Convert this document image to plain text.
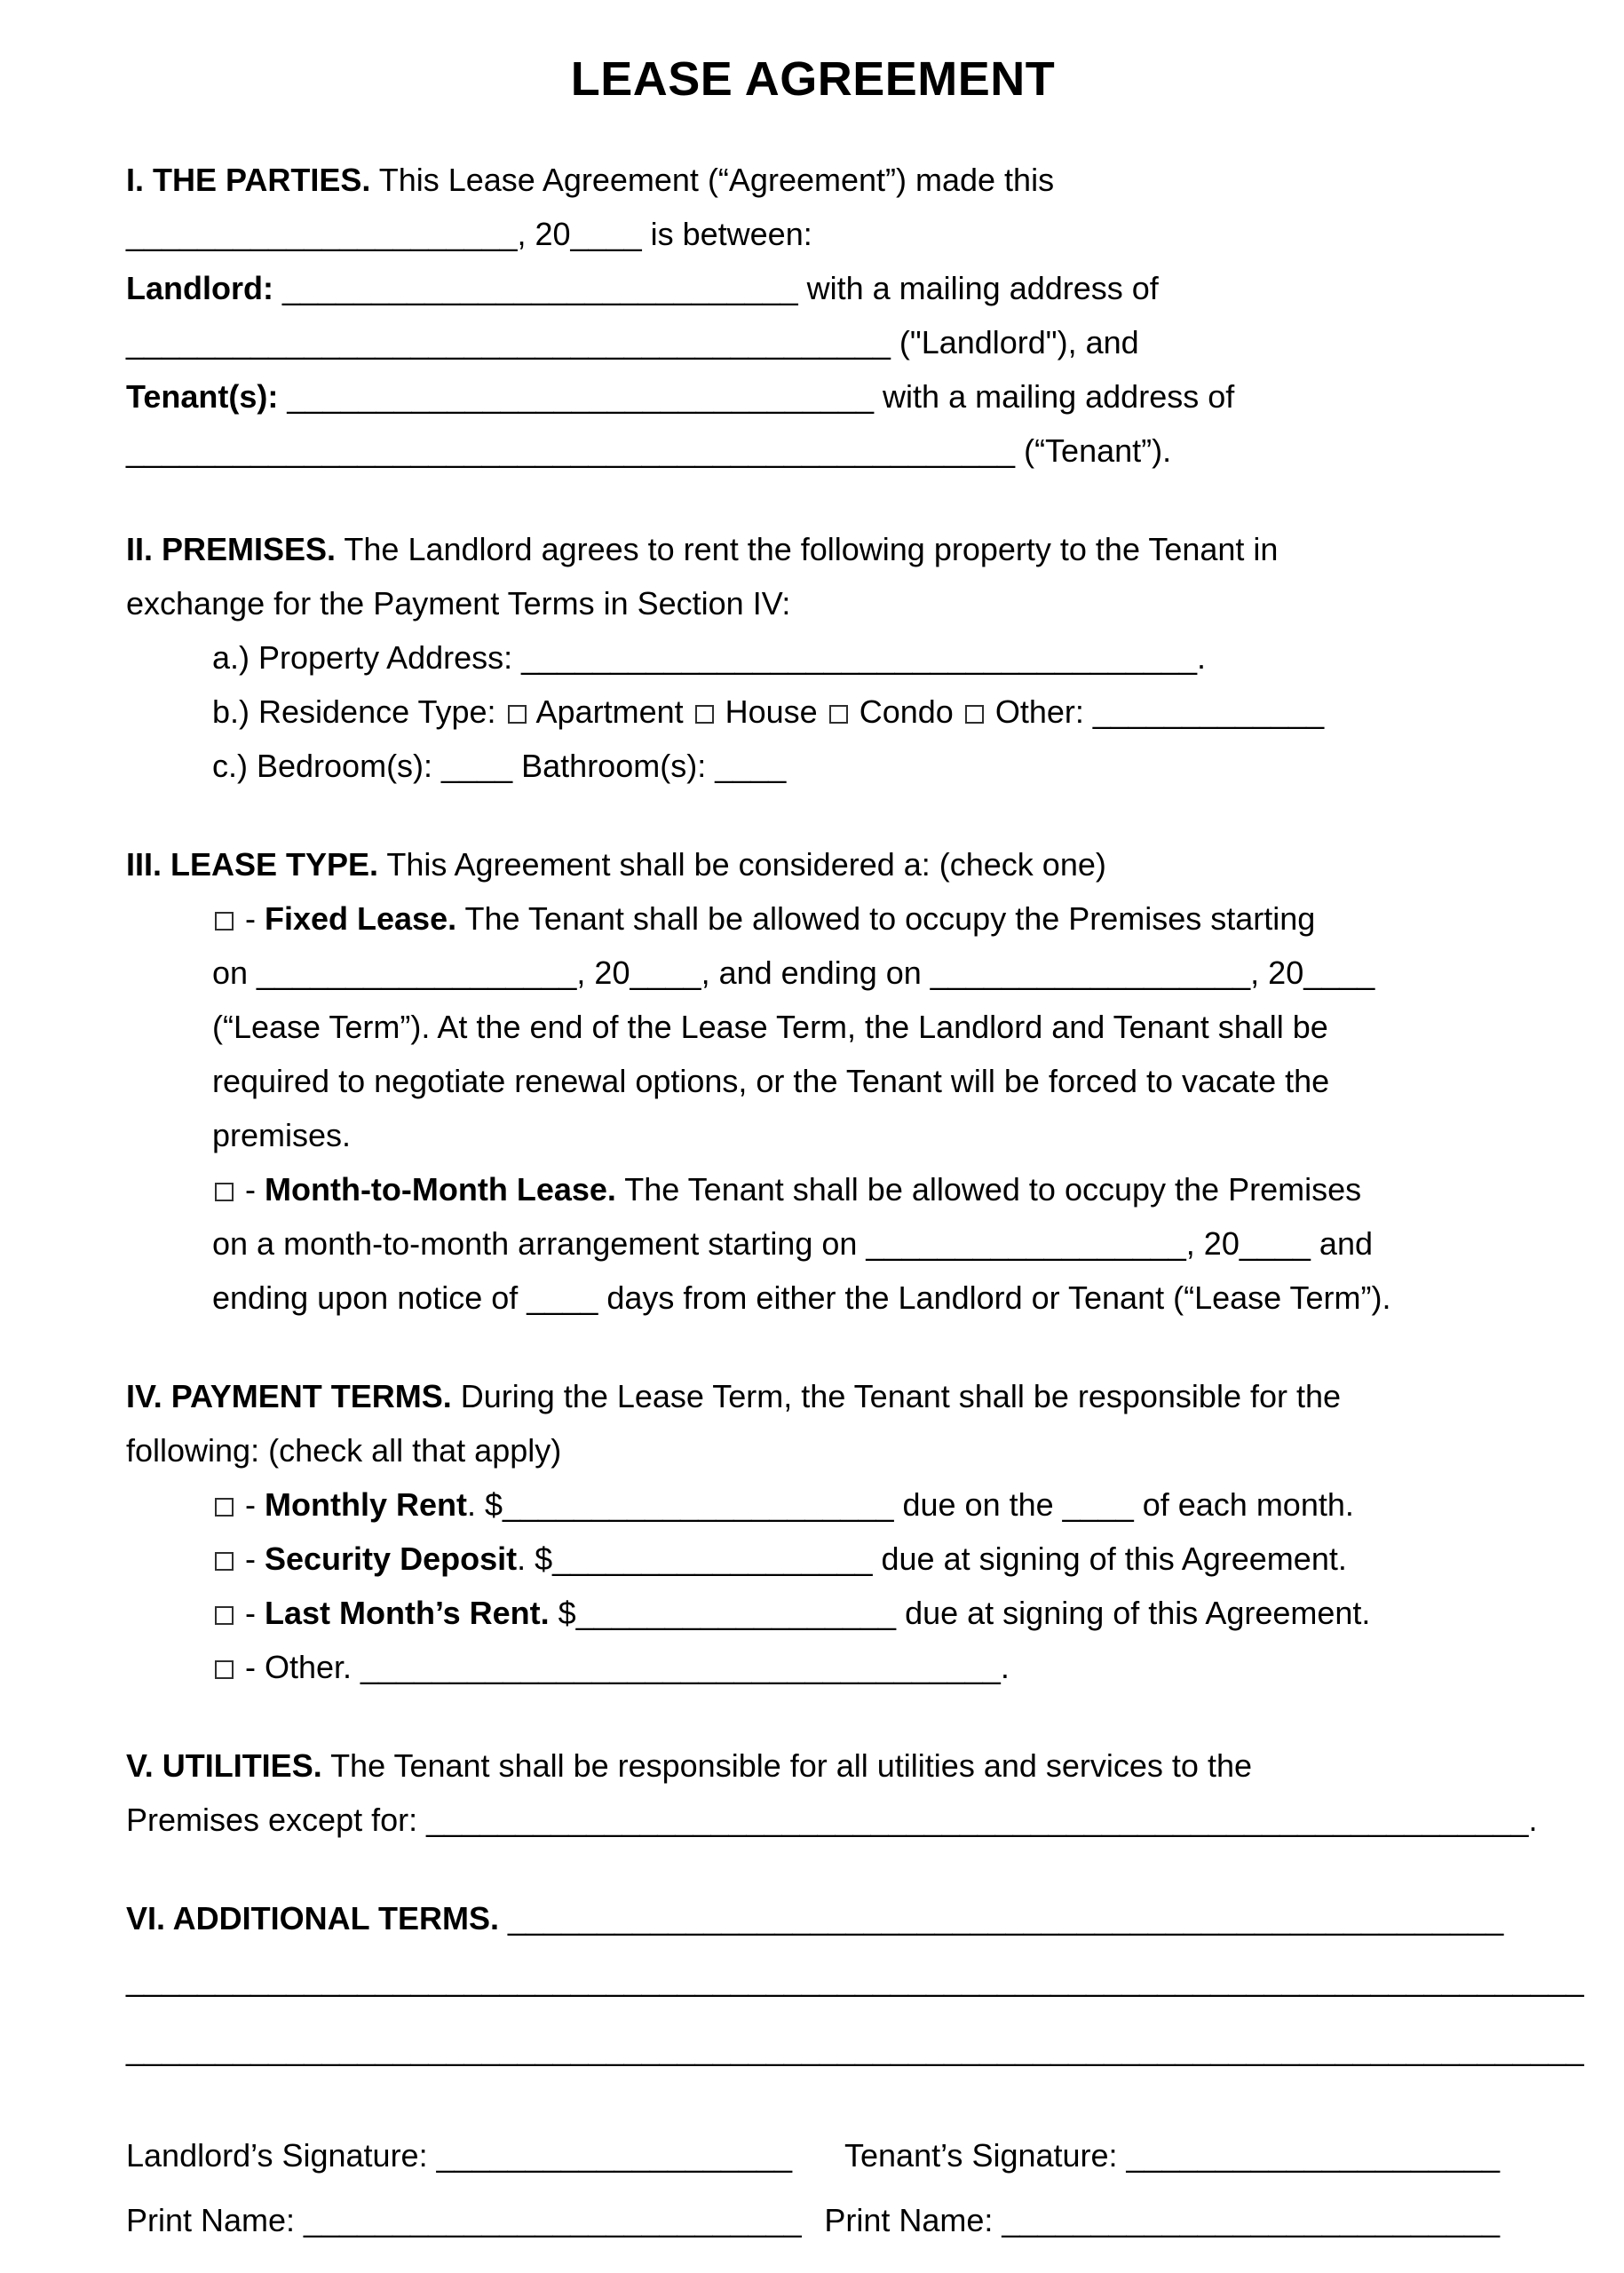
LEASE AGREEMENT
I. THE PARTIES. This Lease Agreement (“Agreement”) made this
______________________, 20____ is between:
Landlord: _____________________________ with a mailing address of
___________________________________________ ("Landlord"), and
Tenant(s): _________________________________ with a mailing address of
__________________________________________________ (“Tenant”).
II. PREMISES. The Landlord agrees to rent the following property to the Tenant in
exchange for the Payment Terms in Section IV:
a.) Property Address: ______________________________________.
b.) Residence Type:  Apartment  House  Condo  Other: _____________
c.) Bedroom(s): ____ Bathroom(s): ____
III. LEASE TYPE. This Agreement shall be considered a: (check one)
- Fixed Lease. The Tenant shall be allowed to occupy the Premises starting
on __________________, 20____, and ending on __________________, 20____
(“Lease Term”). At the end of the Lease Term, the Landlord and Tenant shall be
required to negotiate renewal options, or the Tenant will be forced to vacate the
premises.
- Month-to-Month Lease. The Tenant shall be allowed to occupy the Premises
on a month-to-month arrangement starting on __________________, 20____ and
ending upon notice of ____ days from either the Landlord or Tenant (“Lease Term”).
IV. PAYMENT TERMS. During the Lease Term, the Tenant shall be responsible for the
following: (check all that apply)
- Monthly Rent. $______________________ due on the ____ of each month.
- Security Deposit. $__________________ due at signing of this Agreement.
- Last Month’s Rent. $__________________ due at signing of this Agreement.
- Other. ____________________________________.
V. UTILITIES. The Tenant shall be responsible for all utilities and services to the
Premises except for: ______________________________________________________________.
VI. ADDITIONAL TERMS. ________________________________________________________
__________________________________________________________________________________
__________________________________________________________________________________
Landlord’s Signature: ____________________	Tenant’s Signature: _____________________
Print Name: ____________________________ Print Name: ____________________________
